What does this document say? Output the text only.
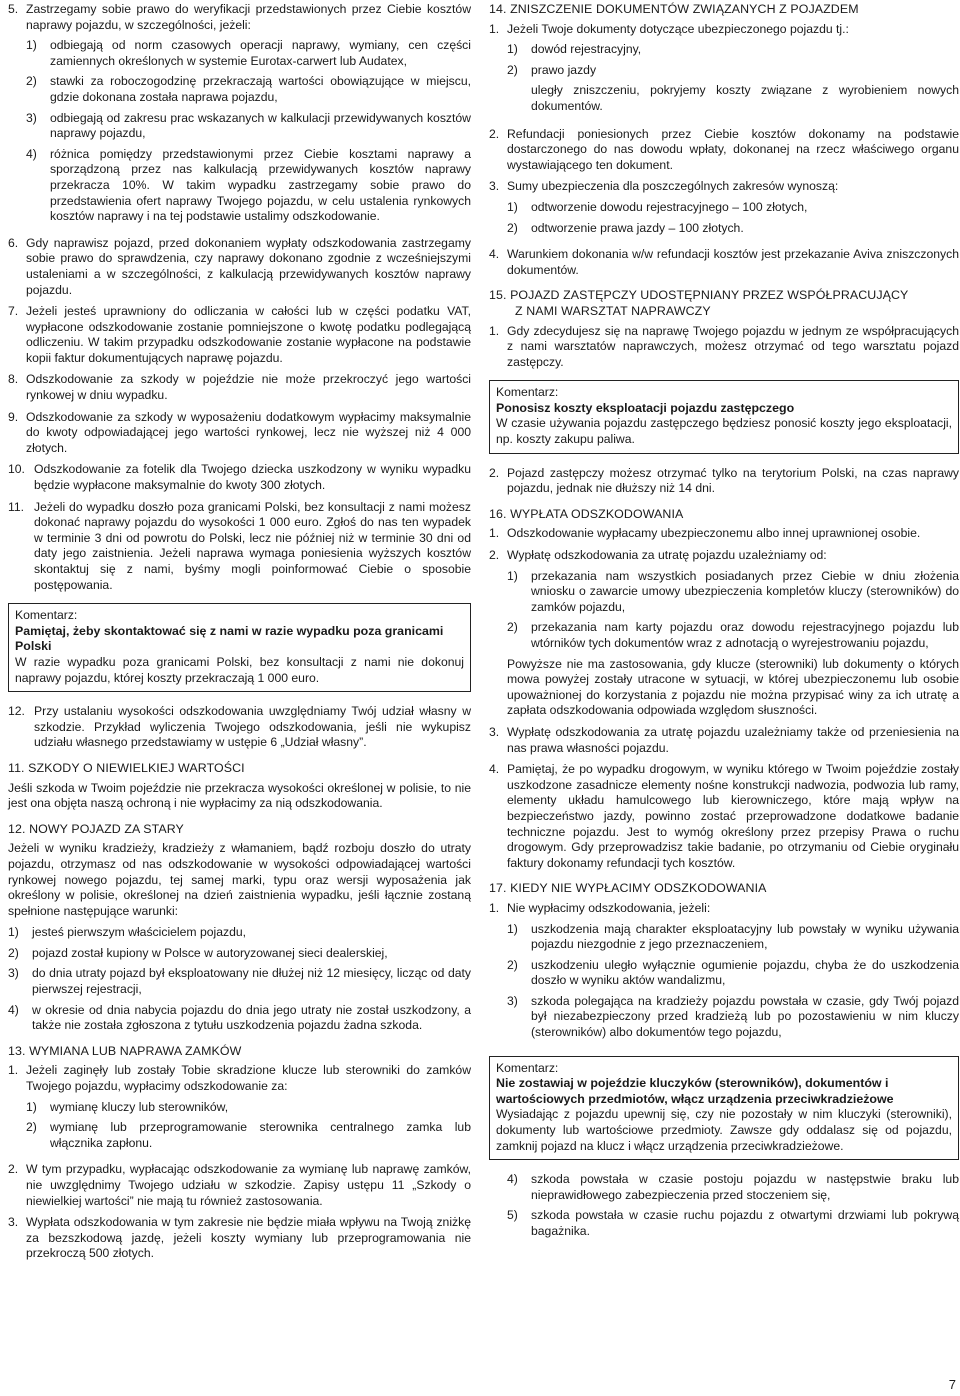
5. Zastrzegamy sobie prawo do weryfikacji przedstawionych przez Ciebie kosztów naprawy pojazdu, w szczególności, jeżeli:

1)	odbiegają od norm czasowych operacji naprawy, wymiany, cen części zamiennych określonych w systemie Eurotax-carwert lub Audatex,

2)	stawki za roboczogodzinę przekraczają wartości obowiązujące w miejscu, gdzie dokonana została naprawa pojazdu,

3)	odbiegają od zakresu prac wskazanych w kalkulacji przewidywanych kosztów naprawy pojazdu,

4)	różnica pomiędzy przedstawionymi przez Ciebie kosztami naprawy a sporządzoną przez nas kalkulacją przewidywanych kosztów naprawy przekracza 10%. W takim wypadku zastrzegamy sobie prawo do przedstawienia ofert naprawy Twojego pojazdu, w celu ustalenia rynkowych kosztów naprawy i na tej podstawie ustalimy odszkodowanie.

6. Gdy naprawisz pojazd, przed dokonaniem wypłaty odszkodowania zastrzegamy sobie prawo do sprawdzenia, czy naprawy dokonano zgodnie z wcześniejszymi ustaleniami a w szczególności, z kalkulacją przewidywanych kosztów naprawy pojazdu.

7. Jeżeli jesteś uprawniony do odliczania w całości lub w części podatku VAT, wypłacone odszkodowanie zostanie pomniejszone o kwotę podatku podlegającą odliczeniu. W takim przypadku odszkodowanie zostanie wypłacone na podstawie kopii faktur dokumentujących naprawę pojazdu.

8. Odszkodowanie za szkody w pojeździe nie może przekroczyć jego wartości rynkowej w dniu wypadku.

9. Odszkodowanie za szkody w wyposażeniu dodatkowym wypłacimy maksymalnie do kwoty odpowiadającej jego wartości rynkowej, lecz nie wyższej niż 4 000 złotych.

10. Odszkodowanie za fotelik dla Twojego dziecka uszkodzony w wyniku wypadku będzie wypłacone maksymalnie do kwoty 300 złotych.

11. Jeżeli do wypadku doszło poza granicami Polski, bez konsultacji z nami możesz dokonać naprawy pojazdu do wysokości 1 000 euro. Zgłoś do nas ten wypadek w terminie 3 dni od powrotu do Polski, lecz nie później niż w terminie 30 dni od daty jego zaistnienia. Jeżeli naprawa wymaga poniesienia wyższych kosztów skontaktuj się z nami, byśmy mogli poinformować Ciebie o sposobie postępowania.

Komentarz:

Pamiętaj, żeby skontaktować się z nami w razie wypadku poza granicami Polski

W razie wypadku poza granicami Polski, bez konsultacji z nami nie dokonuj naprawy pojazdu, której koszty przekraczają 1 000 euro.

12. Przy ustalaniu wysokości odszkodowania uwzględniamy Twój udział własny w szkodzie. Przykład wyliczenia Twojego odszkodowania, jeśli nie wykupisz udziału własnego przedstawiamy w ustępie 6 „Udział własny”.

11. SZKODY O NIEWIELKIEJ WARTOŚCI

Jeśli szkoda w Twoim pojeździe nie przekracza wysokości określonej w polisie, to nie jest ona objęta naszą ochroną i nie wypłacimy za nią odszkodowania.

12. NOWY POJAZD ZA STARY

Jeżeli w wyniku kradzieży, kradzieży z włamaniem, bądź rozboju doszło do utraty pojazdu, otrzymasz od nas odszkodowanie w wysokości odpowiadającej wartości rynkowej nowego pojazdu, tej samej marki, typu oraz wersji wyposażenia jak określony w polisie, określonej na dzień zaistnienia wypadku, jeśli łącznie zostaną spełnione następujące warunki:

1)	jesteś pierwszym właścicielem pojazdu,

2)	pojazd został kupiony w Polsce w autoryzowanej sieci dealerskiej,

3)	do dnia utraty pojazd był eksploatowany nie dłużej niż 12 miesięcy, licząc od daty pierwszej rejestracji,

4)	w okresie od dnia nabycia pojazdu do dnia jego utraty nie został uszkodzony, a także nie została zgłoszona z tytułu uszkodzenia pojazdu żadna szkoda.

13. WYMIANA LUB NAPRAWA ZAMKÓW

1. Jeżeli zaginęły lub zostały Tobie skradzione klucze lub sterowniki do zamków Twojego pojazdu, wypłacimy odszkodowanie za:

1)	wymianę kluczy lub sterowników,

2)	wymianę lub przeprogramowanie sterownika centralnego zamka lub włącznika zapłonu.

2. W tym przypadku, wypłacając odszkodowanie za wymianę lub naprawę zamków, nie uwzględnimy Twojego udziału w szkodzie. Zapisy ustępu 11 „Szkody o niewielkiej wartości” nie mają tu również zastosowania.

3. Wypłata odszkodowania w tym zakresie nie będzie miała wpływu na Twoją zniżkę za bezszkodową jazdę, jeżeli koszty wymiany lub przeprogramowania nie przekroczą 500 złotych.

14. ZNISZCZENIE DOKUMENTÓW ZWIĄZANYCH Z POJAZDEM

1. Jeżeli Twoje dokumenty dotyczące ubezpieczonego pojazdu tj.:

1)	dowód rejestracyjny,

2)	prawo jazdy

uległy zniszczeniu, pokryjemy koszty związane z wyrobieniem nowych dokumentów.

2. Refundacji poniesionych przez Ciebie kosztów dokonamy na podstawie dostarczonego do nas dowodu wpłaty, dokonanej na rzecz właściwego organu wystawiającego ten dokument.

3. Sumy ubezpieczenia dla poszczególnych zakresów wynoszą:

1)	odtworzenie dowodu rejestracyjnego – 100 złotych,

2)	odtworzenie prawa jazdy – 100 złotych.

4. Warunkiem dokonania w/w refundacji kosztów jest przekazanie Aviva zniszczonych dokumentów.

15. POJAZD ZASTĘPCZY UDOSTĘPNIANY PRZEZ WSPÓŁPRACUJĄCY

Z NAMI WARSZTAT NAPRAWCZY

1. Gdy zdecydujesz się na naprawę Twojego pojazdu w jednym ze współpracujących z nami warsztatów naprawczych, możesz otrzymać od tego warsztatu pojazd zastępczy.

Komentarz:

Ponosisz koszty eksploatacji pojazdu zastępczego

W czasie używania pojazdu zastępczego będziesz ponosić koszty jego eksploatacji, np. koszty zakupu paliwa.

2. Pojazd zastępczy możesz otrzymać tylko na terytorium Polski, na czas naprawy pojazdu, jednak nie dłuższy niż 14 dni.

16. WYPŁATA ODSZKODOWANIA

1. Odszkodowanie wypłacamy ubezpieczonemu albo innej uprawnionej osobie.

2. Wypłatę odszkodowania za utratę pojazdu uzależniamy od:

1)	przekazania nam wszystkich posiadanych przez Ciebie w dniu złożenia wniosku o zawarcie umowy ubezpieczenia kompletów kluczy (sterowników) do zamków pojazdu,

2)	przekazania nam karty pojazdu oraz dowodu rejestracyjnego pojazdu lub wtórników tych dokumentów wraz z adnotacją o wyrejestrowaniu pojazdu,

Powyższe nie ma zastosowania, gdy klucze (sterowniki) lub dokumenty o których mowa powyżej zostały utracone w sytuacji, w której ubezpieczonemu lub osobie upoważnionej do korzystania z pojazdu nie można przypisać winy za ich utratę a zapłata odszkodowania odpowiada względom słuszności.

3. Wypłatę odszkodowania za utratę pojazdu uzależniamy także od przeniesienia na nas prawa własności pojazdu.

4. Pamiętaj, że po wypadku drogowym, w wyniku którego w Twoim pojeździe zostały uszkodzone zasadnicze elementy nośne konstrukcji nadwozia, podwozia lub ramy, elementy układu hamulcowego lub kierowniczego, które mają wpływ na bezpieczeństwo jazdy, powinno zostać przeprowadzone dodatkowe badanie techniczne pojazdu. Jest to wymóg określony przez przepisy Prawa o ruchu drogowym. Gdy przeprowadzisz takie badanie, po otrzymaniu od Ciebie oryginału faktury dokonamy refundacji tych kosztów.

17. KIEDY NIE WYPŁACIMY ODSZKODOWANIA

1. Nie wypłacimy odszkodowania, jeżeli:

1)	uszkodzenia mają charakter eksploatacyjny lub powstały w wyniku używania pojazdu niezgodnie z jego przeznaczeniem,

2)	uszkodzeniu uległo wyłącznie ogumienie pojazdu, chyba że do uszkodzenia doszło w wyniku aktów wandalizmu,

3)	szkoda polegająca na kradzieży pojazdu powstała w czasie, gdy Twój pojazd był niezabezpieczony przed kradzieżą lub po pozostawieniu w nim kluczy (sterowników) albo dokumentów tego pojazdu,

Komentarz:

Nie zostawiaj w pojeździe kluczyków (sterowników), dokumentów i wartościowych przedmiotów, włącz urządzenia przeciwkradzieżowe

Wysiadając z pojazdu upewnij się, czy nie pozostały w nim kluczyki (sterowniki), dokumenty lub wartościowe przedmioty. Zawsze gdy oddalasz się od pojazdu, zamknij pojazd na klucz i włącz urządzenia przeciwkradzieżowe.

4)	szkoda powstała w czasie postoju pojazdu w następstwie braku lub nieprawidłowego zabezpieczenia przed stoczeniem się,

5)	szkoda powstała w czasie ruchu pojazdu z otwartymi drzwiami lub pokrywą bagażnika.

7
